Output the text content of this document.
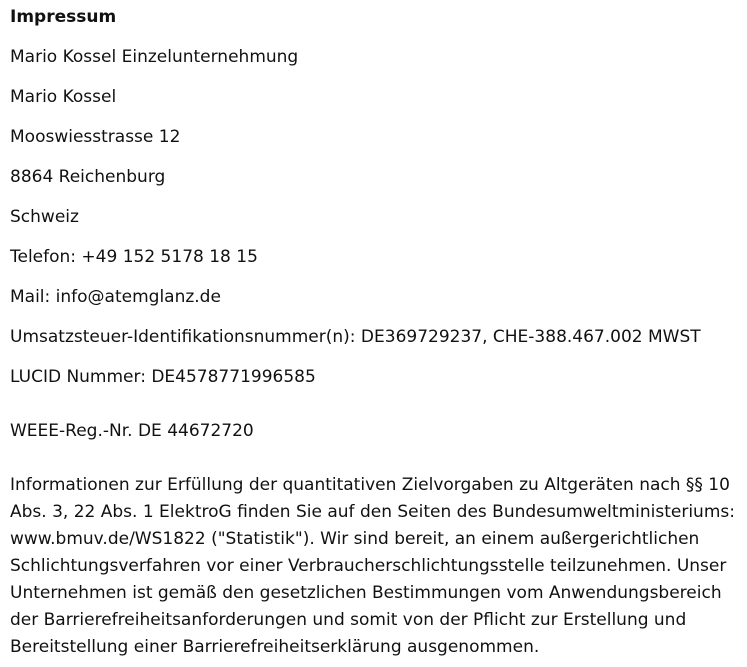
Impressum

Mario Kossel Einzelunternehmung

Mario Kossel

Mooswiesstrasse 12

8864 Reichenburg

Schweiz

Telefon: +49 152 5178 18 15

Mail: info@atemglanz.de

Umsatzsteuer-Identifikationsnummer(n): DE369729237, CHE-388.467.002 MWST

LUCID Nummer: DE4578771996585

WEEE-Reg.-Nr. DE 44672720

Informationen zur Erfüllung der quantitativen Zielvorgaben zu Altgeräten nach §§ 10 Abs. 3, 22 Abs. 1 ElektroG finden Sie auf den Seiten des Bundesumweltministeriums: www.bmuv.de/WS1822 ("Statistik"). Wir sind bereit, an einem außergerichtlichen Schlichtungsverfahren vor einer Verbraucherschlichtungsstelle teilzunehmen. Unser Unternehmen ist gemäß den gesetzlichen Bestimmungen vom Anwendungsbereich der Barrierefreiheitsanforderungen und somit von der Pflicht zur Erstellung und Bereitstellung einer Barrierefreiheitserklärung ausgenommen.
